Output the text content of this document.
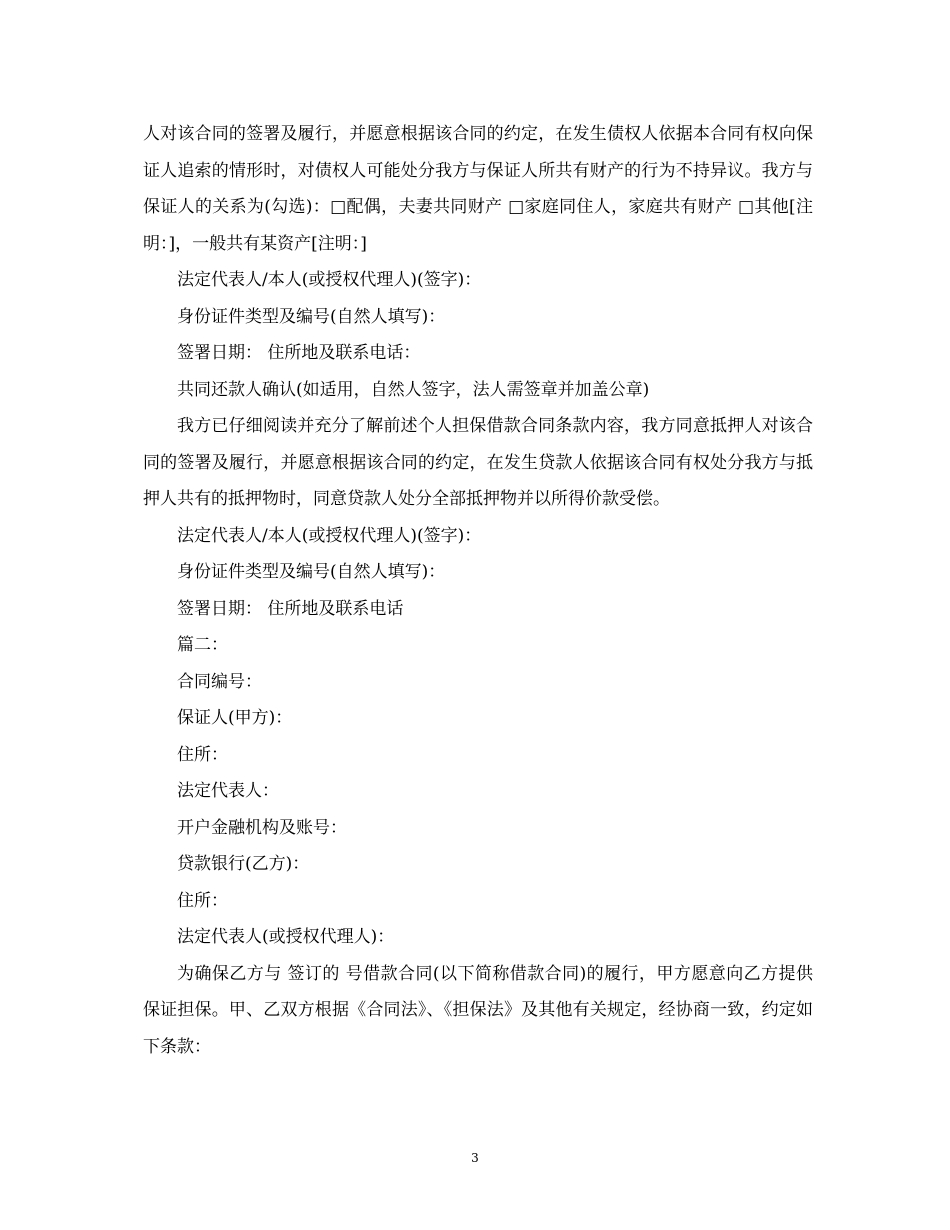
人对该合同的签署及履行，并愿意根据该合同的约定，在发生债权人依据本合同有权向保证人追索的情形时，对债权人可能处分我方与保证人所共有财产的行为不持异议。我方与保证人的关系为(勾选)：□配偶，夫妻共同财产 □家庭同住人，家庭共有财产 □其他[注明：]，一般共有某资产[注明：]

法定代表人/本人(或授权代理人)(签字)：

身份证件类型及编号(自然人填写)：

签署日期： 住所地及联系电话：

共同还款人确认(如适用，自然人签字，法人需签章并加盖公章)

我方已仔细阅读并充分了解前述个人担保借款合同条款内容，我方同意抵押人对该合同的签署及履行，并愿意根据该合同的约定，在发生贷款人依据该合同有权处分我方与抵押人共有的抵押物时，同意贷款人处分全部抵押物并以所得价款受偿。

法定代表人/本人(或授权代理人)(签字)：

身份证件类型及编号(自然人填写)：

签署日期： 住所地及联系电话

篇二：

合同编号：

保证人(甲方)：

住所：

法定代表人：

开户金融机构及账号：

贷款银行(乙方)：

住所：

法定代表人(或授权代理人)：

为确保乙方与 签订的 号借款合同(以下简称借款合同)的履行，甲方愿意向乙方提供保证担保。甲、乙双方根据《合同法》、《担保法》及其他有关规定，经协商一致，约定如下条款：

3
